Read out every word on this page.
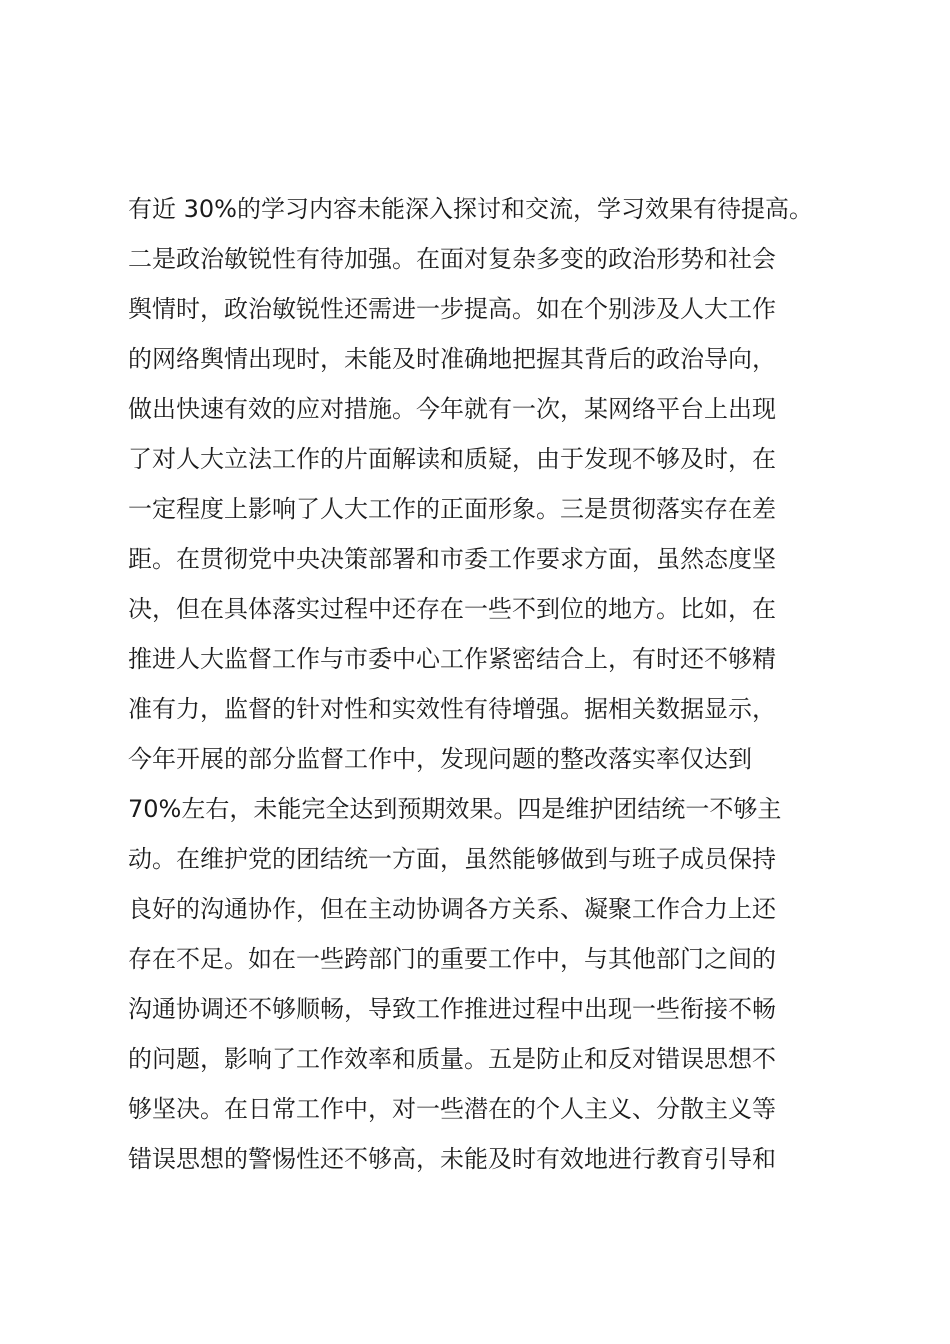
有近 30%的学习内容未能深入探讨和交流，学习效果有待提高。
二是政治敏锐性有待加强。在面对复杂多变的政治形势和社会
舆情时，政治敏锐性还需进一步提高。如在个别涉及人大工作
的网络舆情出现时，未能及时准确地把握其背后的政治导向，
做出快速有效的应对措施。今年就有一次，某网络平台上出现
了对人大立法工作的片面解读和质疑，由于发现不够及时，在
一定程度上影响了人大工作的正面形象。三是贯彻落实存在差
距。在贯彻党中央决策部署和市委工作要求方面，虽然态度坚
决，但在具体落实过程中还存在一些不到位的地方。比如，在
推进人大监督工作与市委中心工作紧密结合上，有时还不够精
准有力，监督的针对性和实效性有待增强。据相关数据显示，
今年开展的部分监督工作中，发现问题的整改落实率仅达到
70%左右，未能完全达到预期效果。四是维护团结统一不够主
动。在维护党的团结统一方面，虽然能够做到与班子成员保持
良好的沟通协作，但在主动协调各方关系、凝聚工作合力上还
存在不足。如在一些跨部门的重要工作中，与其他部门之间的
沟通协调还不够顺畅，导致工作推进过程中出现一些衔接不畅
的问题，影响了工作效率和质量。五是防止和反对错误思想不
够坚决。在日常工作中，对一些潜在的个人主义、分散主义等
错误思想的警惕性还不够高，未能及时有效地进行教育引导和
